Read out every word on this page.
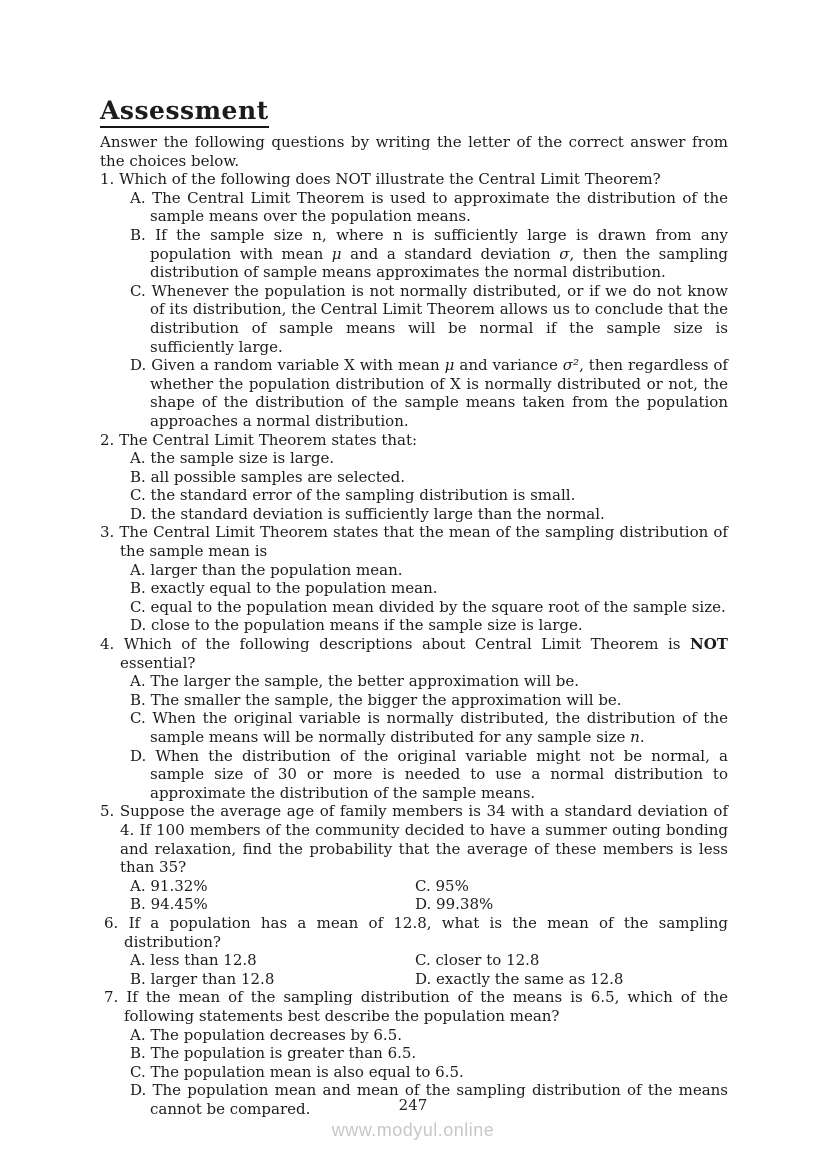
Assessment

Answer the following questions by writing the letter of the correct answer from the choices below.

1. Which of the following does NOT illustrate the Central Limit Theorem?
A. The Central Limit Theorem is used to approximate the distribution of the sample means over the population means.
B. If the sample size n, where n is sufficiently large is drawn from any population with mean μ and a standard deviation σ, then the sampling distribution of sample means approximates the normal distribution.
C. Whenever the population is not normally distributed, or if we do not know of its distribution, the Central Limit Theorem allows us to conclude that the distribution of sample means will be normal if the sample size is sufficiently large.
D. Given a random variable X with mean μ and variance σ², then regardless of whether the population distribution of X is normally distributed or not, the shape of the distribution of the sample means taken from the population approaches a normal distribution.
2. The Central Limit Theorem states that:
A. the sample size is large.
B. all possible samples are selected.
C. the standard error of the sampling distribution is small.
D. the standard deviation is sufficiently large than the normal.
3. The Central Limit Theorem states that the mean of the sampling distribution of the sample mean is
A. larger than the population mean.
B. exactly equal to the population mean.
C. equal to the population mean divided by the square root of the sample size.
D. close to the population means if the sample size is large.
4. Which of the following descriptions about Central Limit Theorem is NOT essential?
A. The larger the sample, the better approximation will be.
B. The smaller the sample, the bigger the approximation will be.
C. When the original variable is normally distributed, the distribution of the sample means will be normally distributed for any sample size n.
D. When the distribution of the original variable might not be normal, a sample size of 30 or more is needed to use a normal distribution to approximate the distribution of the sample means.
5. Suppose the average age of family members is 34 with a standard deviation of 4. If 100 members of the community decided to have a summer outing bonding and relaxation, find the probability that the average of these members is less than 35?
A. 91.32%	C. 95%
B. 94.45%	D. 99.38%
6. If a population has a mean of 12.8, what is the mean of the sampling distribution?
A. less than 12.8	C. closer to 12.8
B. larger than 12.8	D. exactly the same as 12.8
7. If the mean of the sampling distribution of the means is 6.5, which of the following statements best describe the population mean?
A. The population decreases by 6.5.
B. The population is greater than 6.5.
C. The population mean is also equal to 6.5.
D. The population mean and mean of the sampling distribution of the means cannot be compared.	247
www.modyul.online
